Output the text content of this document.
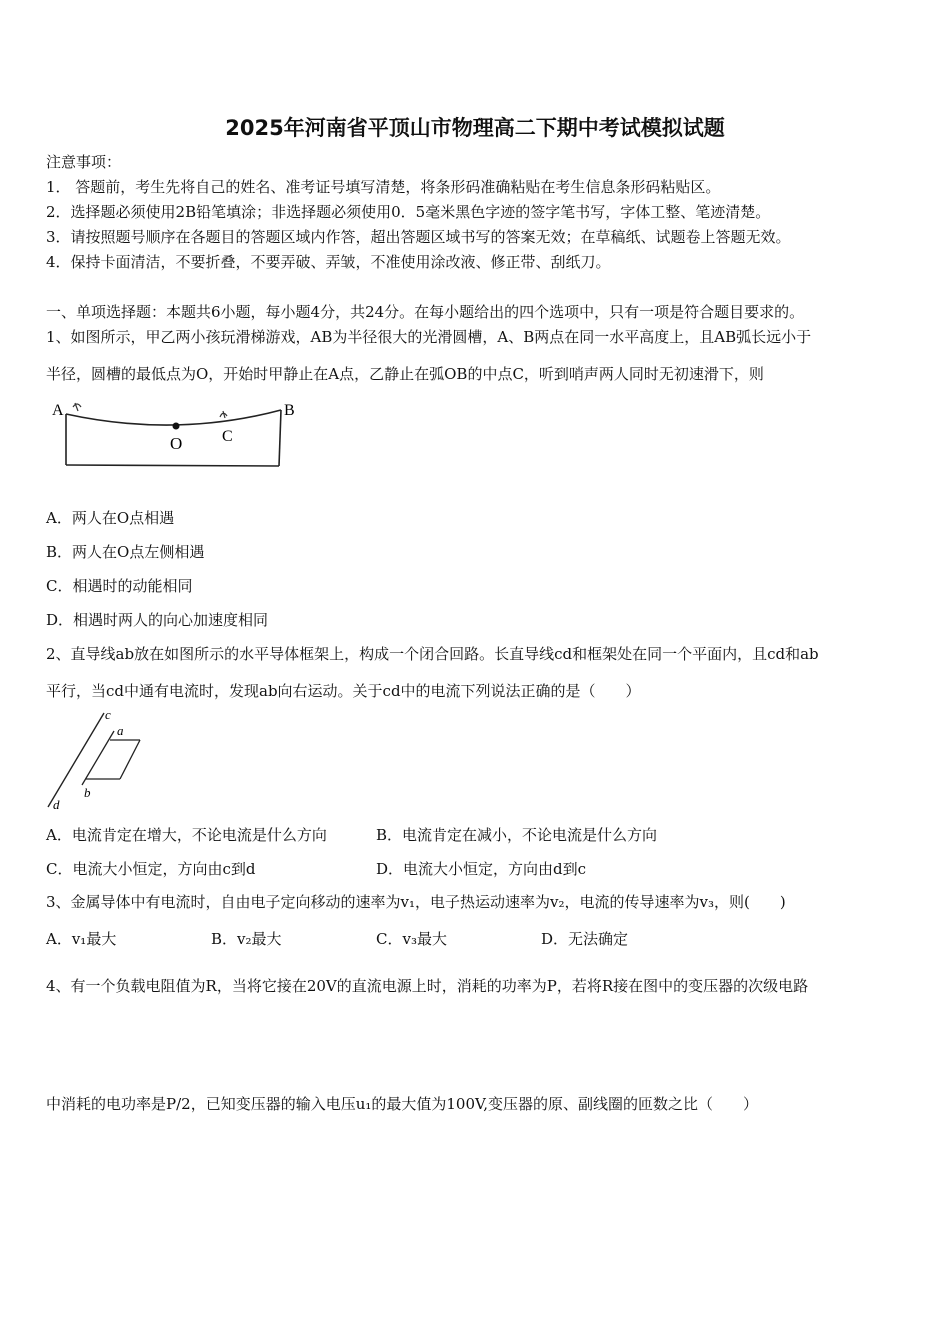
2025年河南省平顶山市物理高二下期中考试模拟试题
注意事项：
1． 答题前，考生先将自己的姓名、准考证号填写清楚，将条形码准确粘贴在考生信息条形码粘贴区。
2．选择题必须使用2B铅笔填涂；非选择题必须使用0．5毫米黑色字迹的签字笔书写，字体工整、笔迹清楚。
3．请按照题号顺序在各题目的答题区域内作答，超出答题区域书写的答案无效；在草稿纸、试题卷上答题无效。
4．保持卡面清洁，不要折叠，不要弄破、弄皱，不准使用涂改液、修正带、刮纸刀。
一、单项选择题：本题共6小题，每小题4分，共24分。在每小题给出的四个选项中，只有一项是符合题目要求的。
1、如图所示，甲乙两小孩玩滑梯游戏，AB为半径很大的光滑圆槽，A、B两点在同一水平高度上，且AB弧长远小于
半径，圆槽的最低点为O，开始时甲静止在A点，乙静止在弧OB的中点C，听到哨声两人同时无初速滑下，则
A	B
O C
A．两人在O点相遇
B．两人在O点左侧相遇
C．相遇时的动能相同
D．相遇时两人的向心加速度相同
2、直导线ab放在如图所示的水平导体框架上，构成一个闭合回路。长直导线cd和框架处在同一个平面内，且cd和ab
平行，当cd中通有电流时，发现ab向右运动。关于cd中的电流下列说法正确的是（　　）
c
a
b
d
A．电流肯定在增大，不论电流是什么方向	B．电流肯定在减小，不论电流是什么方向
C．电流大小恒定，方向由c到d	D．电流大小恒定，方向由d到c
3、金属导体中有电流时，自由电子定向移动的速率为v₁，电子热运动速率为v₂，电流的传导速率为v₃，则(　　)
A．v₁最大	B．v₂最大	C．v₃最大	D．无法确定
4、有一个负载电阻值为R，当将它接在20V的直流电源上时，消耗的功率为P，若将R接在图中的变压器的次级电路
中消耗的电功率是P/2，已知变压器的输入电压u₁的最大值为100V,变压器的原、副线圈的匝数之比（　　）
